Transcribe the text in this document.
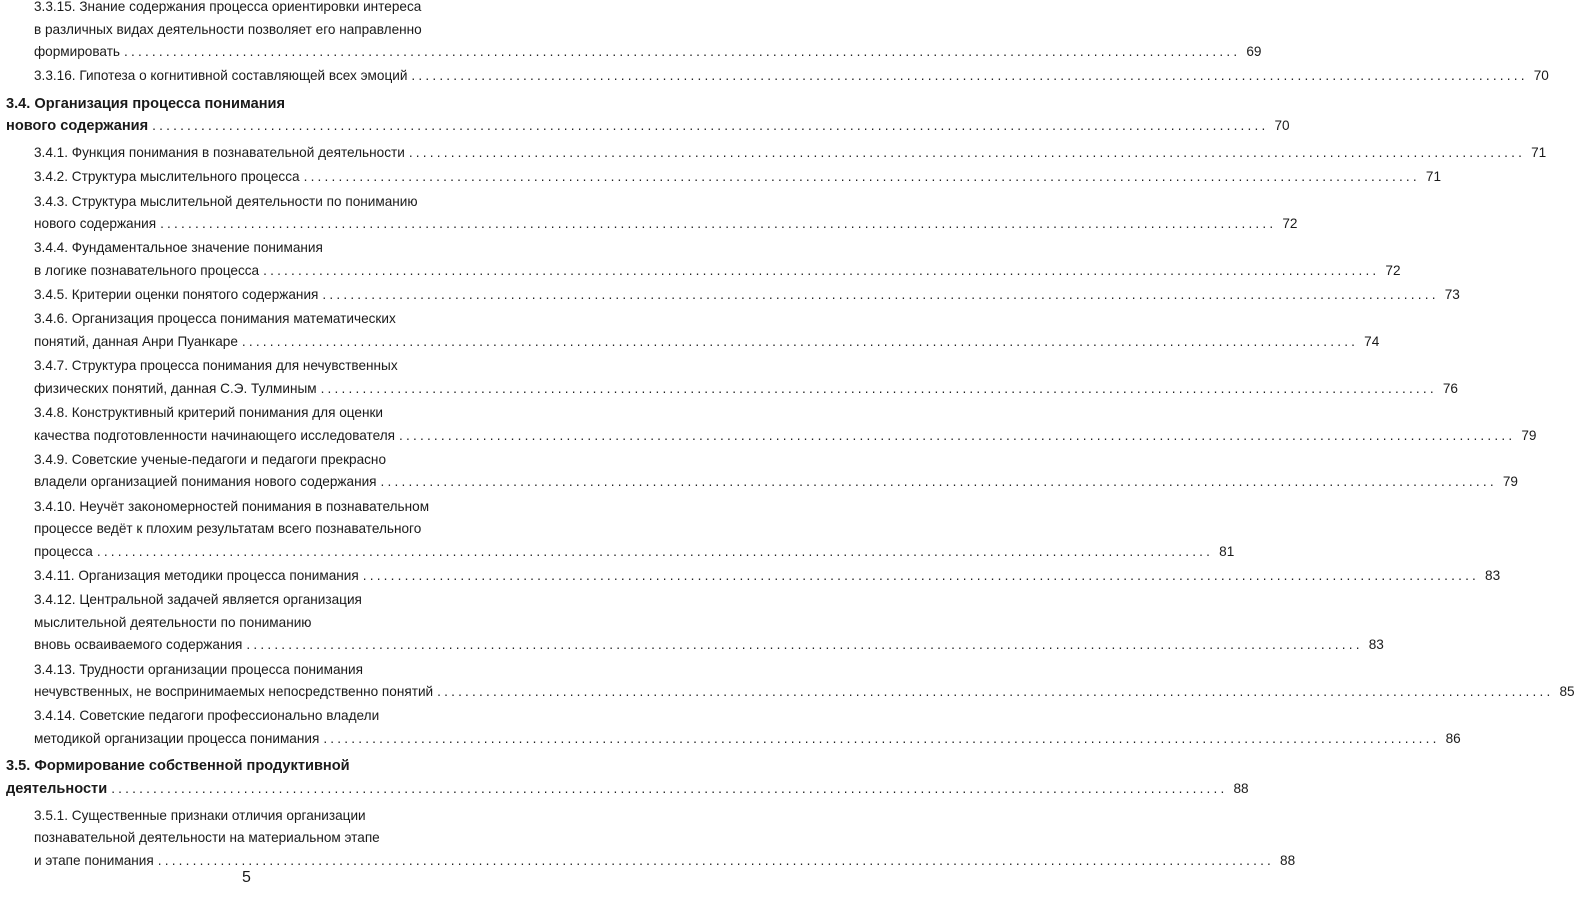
3.3.15. Знание содержания процесса ориентировки интереса
в различных видах деятельности позволяет его направленно
формировать ................................................................................................................................................................ 69
3.3.16. Гипотеза о когнитивной составляющей всех эмоций ................................................................................................................................................................ 70
3.4. Организация процесса понимания
нового содержания ................................................................................................................................................................ 70
3.4.1. Функция понимания в познавательной деятельности ................................................................................................................................................................ 71
3.4.2. Структура мыслительного процесса ................................................................................................................................................................ 71
3.4.3. Структура мыслительной деятельности по пониманию
нового содержания ................................................................................................................................................................ 72
3.4.4. Фундаментальное значение понимания
в логике познавательного процесса ................................................................................................................................................................ 72
3.4.5. Критерии оценки понятого содержания ................................................................................................................................................................ 73
3.4.6. Организация процесса понимания математических
понятий, данная Анри Пуанкаре ................................................................................................................................................................ 74
3.4.7. Структура процесса понимания для нечувственных
физических понятий, данная С.Э. Тулминым ................................................................................................................................................................ 76
3.4.8. Конструктивный критерий понимания для оценки
качества подготовленности начинающего исследователя ................................................................................................................................................................ 79
3.4.9. Советские ученые-педагоги и педагоги прекрасно
владели организацией понимания нового содержания ................................................................................................................................................................ 79
3.4.10. Неучёт закономерностей понимания в познавательном
процессе ведёт к плохим результатам всего познавательного
процесса ................................................................................................................................................................ 81
3.4.11. Организация методики процесса понимания ................................................................................................................................................................ 83
3.4.12. Центральной задачей является организация
мыслительной деятельности по пониманию
вновь осваиваемого содержания ................................................................................................................................................................ 83
3.4.13. Трудности организации процесса понимания
нечувственных, не воспринимаемых непосредственно понятий ................................................................................................................................................................ 85
3.4.14. Советские педагоги профессионально владели
методикой организации процесса понимания ................................................................................................................................................................ 86
3.5. Формирование собственной продуктивной
деятельности ................................................................................................................................................................ 88
3.5.1. Существенные признаки отличия организации
познавательной деятельности на материальном этапе
и этапе понимания ................................................................................................................................................................ 88
5
